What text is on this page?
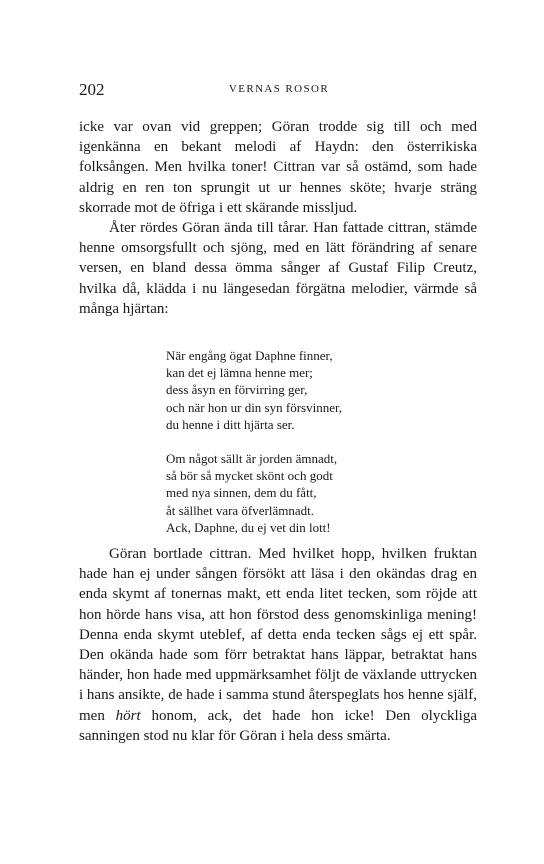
202	VERNAS ROSOR

icke var ovan vid greppen; Göran trodde sig till och med igenkänna en bekant melodi af Haydn: den österrikiska folksången. Men hvilka toner! Cittran var så ostämd, som hade aldrig en ren ton sprungit ut ur hennes sköte; hvarje sträng skorrade mot de öfriga i ett skärande missljud.

Åter rördes Göran ända till tårar. Han fattade cittran, stämde henne omsorgsfullt och sjöng, med en lätt förändring af senare versen, en bland dessa ömma sånger af Gustaf Filip Creutz, hvilka då, klädda i nu längesedan förgätna melodier, värmde så många hjärtan:

När engång ögat Daphne finner,
kan det ej lämna henne mer;
dess åsyn en förvirring ger,
och när hon ur din syn försvinner,
du henne i ditt hjärta ser.
Om något sällt är jorden ämnadt,
så bör så mycket skönt och godt
med nya sinnen, dem du fått,
åt sällhet vara öfverlämnadt.
Ack, Daphne, du ej vet din lott!

Göran bortlade cittran. Med hvilket hopp, hvilken fruktan hade han ej under sången försökt att läsa i den okändas drag en enda skymt af tonernas makt, ett enda litet tecken, som röjde att hon hörde hans visa, att hon förstod dess genomskinliga mening! Denna enda skymt uteblef, af detta enda tecken sågs ej ett spår. Den okända hade som förr betraktat hans läppar, betraktat hans händer, hon hade med uppmärksamhet följt de växlande uttrycken i hans ansikte, de hade i samma stund återspeglats hos henne själf, men hört honom, ack, det hade hon icke! Den olyckliga sanningen stod nu klar för Göran i hela dess smärta.
